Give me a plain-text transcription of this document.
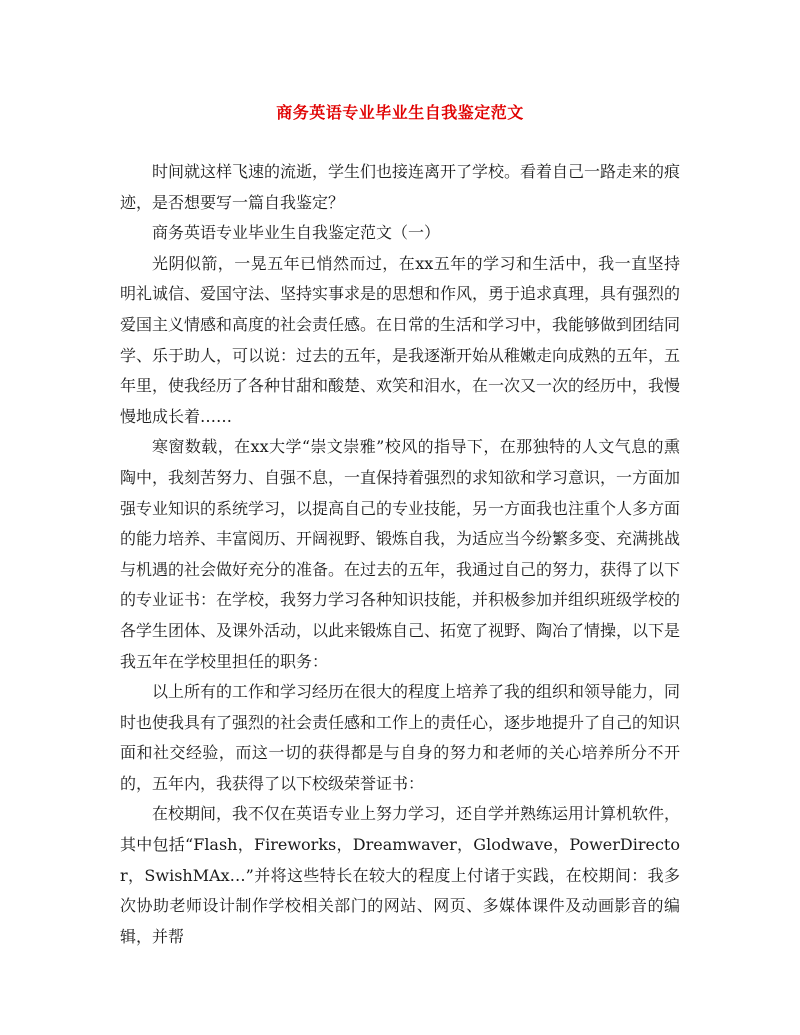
商务英语专业毕业生自我鉴定范文

时间就这样飞速的流逝，学生们也接连离开了学校。看着自己一路走来的痕迹，是否想要写一篇自我鉴定？

商务英语专业毕业生自我鉴定范文（一）

光阴似箭，一晃五年已悄然而过，在xx五年的学习和生活中，我一直坚持明礼诚信、爱国守法、坚持实事求是的思想和作风，勇于追求真理，具有强烈的爱国主义情感和高度的社会责任感。在日常的生活和学习中，我能够做到团结同学、乐于助人，可以说：过去的五年，是我逐渐开始从稚嫩走向成熟的五年，五年里，使我经历了各种甘甜和酸楚、欢笑和泪水，在一次又一次的经历中，我慢慢地成长着……

寒窗数载，在xx大学“崇文崇雅”校风的指导下，在那独特的人文气息的熏陶中，我刻苦努力、自强不息，一直保持着强烈的求知欲和学习意识，一方面加强专业知识的系统学习，以提高自己的专业技能，另一方面我也注重个人多方面的能力培养、丰富阅历、开阔视野、锻炼自我，为适应当今纷繁多变、充满挑战与机遇的社会做好充分的准备。在过去的五年，我通过自己的努力，获得了以下的专业证书：在学校，我努力学习各种知识技能，并积极参加并组织班级学校的各学生团体、及课外活动，以此来锻炼自己、拓宽了视野、陶冶了情操，以下是我五年在学校里担任的职务：

以上所有的工作和学习经历在很大的程度上培养了我的组织和领导能力，同时也使我具有了强烈的社会责任感和工作上的责任心，逐步地提升了自己的知识面和社交经验，而这一切的获得都是与自身的努力和老师的关心培养所分不开的，五年内，我获得了以下校级荣誉证书：

在校期间，我不仅在英语专业上努力学习，还自学并熟练运用计算机软件，其中包括“Flash，Fireworks，Dreamwaver，Glodwave，PowerDirector，SwishMAx…”并将这些特长在较大的程度上付诸于实践，在校期间：我多次协助老师设计制作学校相关部门的网站、网页、多媒体课件及动画影音的编辑，并帮
